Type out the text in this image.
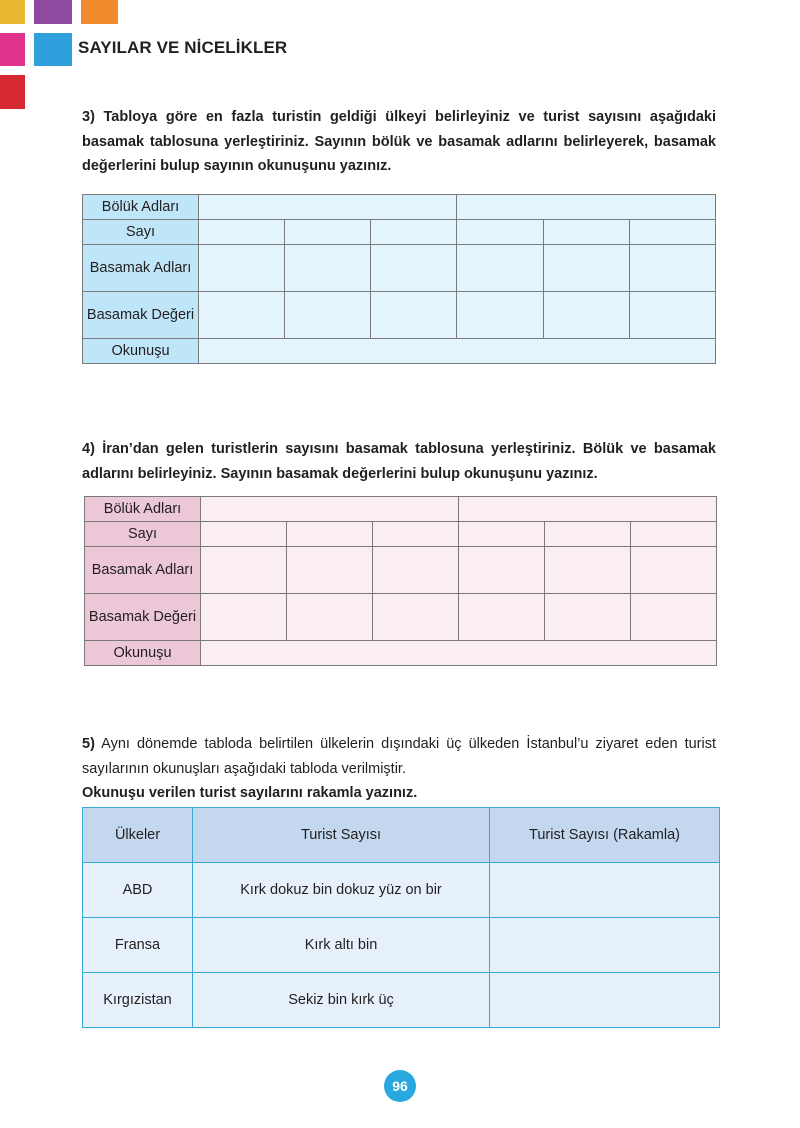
SAYILAR VE NİCELİKLER
3) Tabloya göre en fazla turistin geldiği ülkeyi belirleyiniz ve turist sayısını aşağıdaki basamak tablosuna yerleştiriniz. Sayının bölük ve basamak adlarını belirleyerek, basamak değerlerini bulup sayının okunuşunu yazınız.
Bölük Adları						
Sayı						
Basamak Adları						
Basamak Değeri						
Okunuşu						
4) İran’dan gelen turistlerin sayısını basamak tablosuna yerleştiriniz. Bölük ve basamak adlarını belirleyiniz. Sayının basamak değerlerini bulup okunuşunu yazınız.
Bölük Adları						
Sayı						
Basamak Adları						
Basamak Değeri						
Okunuşu						
5) Aynı dönemde tabloda belirtilen ülkelerin dışındaki üç ülkeden İstanbul’u ziyaret eden turist sayılarının okunuşları aşağıdaki tabloda verilmiştir.
Okunuşu verilen turist sayılarını rakamla yazınız.
Ülkeler	Turist Sayısı	Turist Sayısı (Rakamla)
ABD	Kırk dokuz bin dokuz yüz on bir	
Fransa	Kırk altı bin	
Kırgızistan	Sekiz bin kırk üç	
96
